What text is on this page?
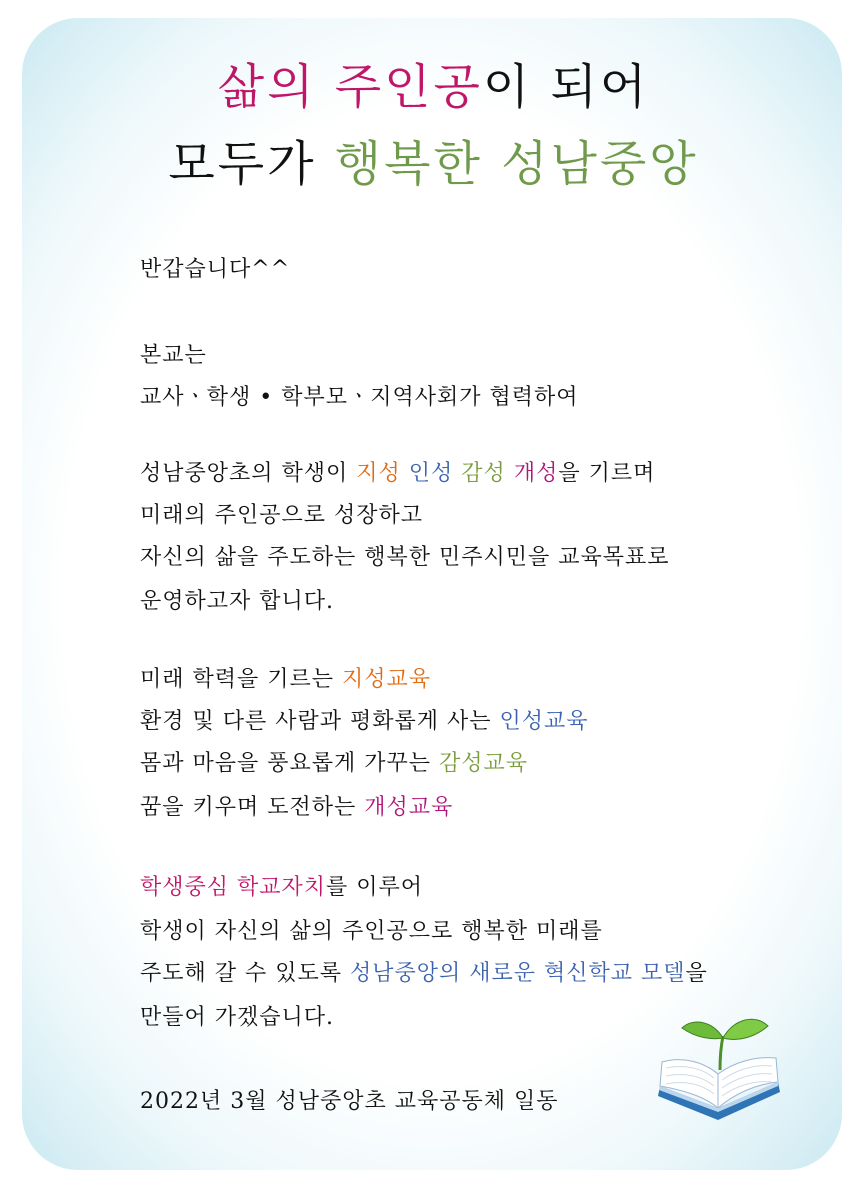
삶의 주인공이 되어
모두가 행복한 성남중앙
반갑습니다^^
본교는
교사ㆍ학생 • 학부모ㆍ지역사회가 협력하여
성남중앙초의 학생이 지성 인성 감성 개성을 기르며
미래의 주인공으로 성장하고
자신의 삶을 주도하는 행복한 민주시민을 교육목표로
운영하고자 합니다.
미래 학력을 기르는 지성교육
환경 및 다른 사람과 평화롭게 사는 인성교육
몸과 마음을 풍요롭게 가꾸는 감성교육
꿈을 키우며 도전하는 개성교육
학생중심 학교자치를 이루어
학생이 자신의 삶의 주인공으로 행복한 미래를
주도해 갈 수 있도록 성남중앙의 새로운 혁신학교 모델을
만들어 가겠습니다.
2022년 3월 성남중앙초 교육공동체 일동
